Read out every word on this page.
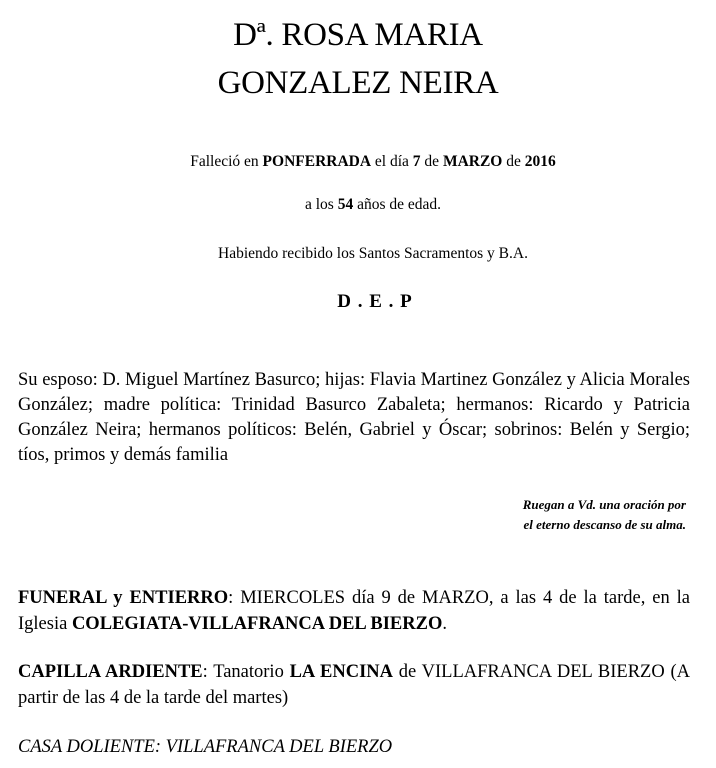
Dª. ROSA MARIA
GONZALEZ NEIRA
Falleció en PONFERRADA el día 7 de MARZO de 2016
a los 54 años de edad.
Habiendo recibido los Santos Sacramentos y B.A.
D . E . P
Su esposo: D. Miguel Martínez Basurco; hijas: Flavia Martinez González y Alicia Morales González; madre política: Trinidad Basurco Zabaleta; hermanos: Ricardo y Patricia González Neira; hermanos políticos: Belén, Gabriel y Óscar; sobrinos: Belén y Sergio; tíos, primos y demás familia
Ruegan a Vd. una oración por
el eterno descanso de su alma.
FUNERAL y ENTIERRO: MIERCOLES día 9 de MARZO, a las 4 de la tarde, en la Iglesia COLEGIATA-VILLAFRANCA DEL BIERZO.
CAPILLA ARDIENTE: Tanatorio LA ENCINA de VILLAFRANCA DEL BIERZO (A partir de las 4 de la tarde del martes)
CASA DOLIENTE: VILLAFRANCA DEL BIERZO
